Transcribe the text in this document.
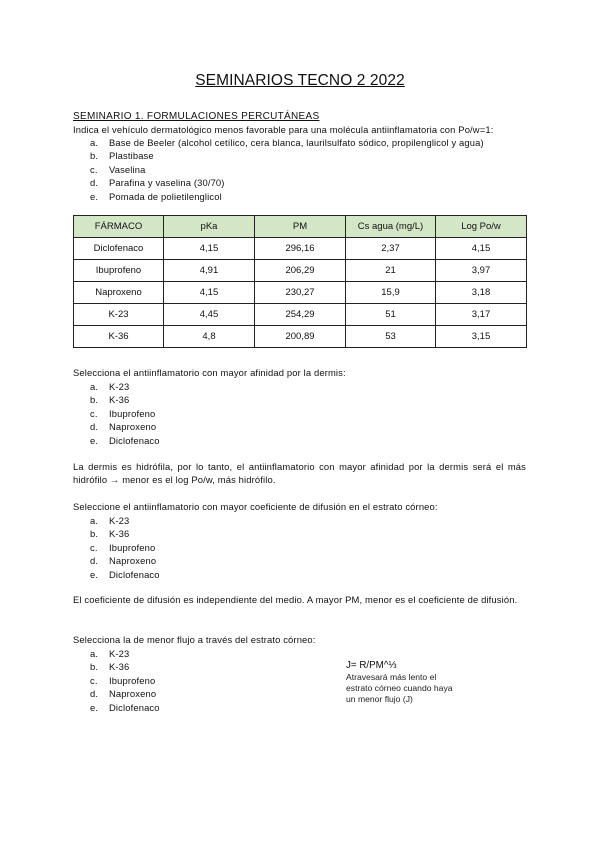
SEMINARIOS TECNO 2 2022
SEMINARIO 1. FORMULACIONES PERCUTÁNEAS
Indica el vehículo dermatológico menos favorable para una molécula antiinflamatoria con Po/w=1:
a. Base de Beeler (alcohol cetílico, cera blanca, laurilsulfato sódico, propilenglicol y agua)
b. Plastibase
c. Vaselina
d. Parafina y vaselina (30/70)
e. Pomada de polietilenglicol
FÁRMACO	pKa	PM	Cs agua (mg/L)	Log Po/w
Diclofenaco	4,15	296,16	2,37	4,15
Ibuprofeno	4,91	206,29	21	3,97
Naproxeno	4,15	230,27	15,9	3,18
K-23	4,45	254,29	51	3,17
K-36	4,8	200,89	53	3,15
Selecciona el antiinflamatorio con mayor afinidad por la dermis:
a. K-23
b. K-36
c. Ibuprofeno
d. Naproxeno
e. Diclofenaco
La dermis es hidrófila, por lo tanto, el antiinflamatorio con mayor afinidad por la dermis será el más hidrófilo → menor es el log Po/w, más hidrófilo.
Seleccione el antiinflamatorio con mayor coeficiente de difusión en el estrato córneo:
a. K-23
b. K-36
c. Ibuprofeno
d. Naproxeno
e. Diclofenaco
El coeficiente de difusión es independiente del medio. A mayor PM, menor es el coeficiente de difusión.
Selecciona la de menor flujo a través del estrato córneo:
a. K-23
b. K-36
c. Ibuprofeno
d. Naproxeno
e. Diclofenaco
J= R/PM^⅓
Atravesará más lento el estrato córneo cuando haya un menor flujo (J)
